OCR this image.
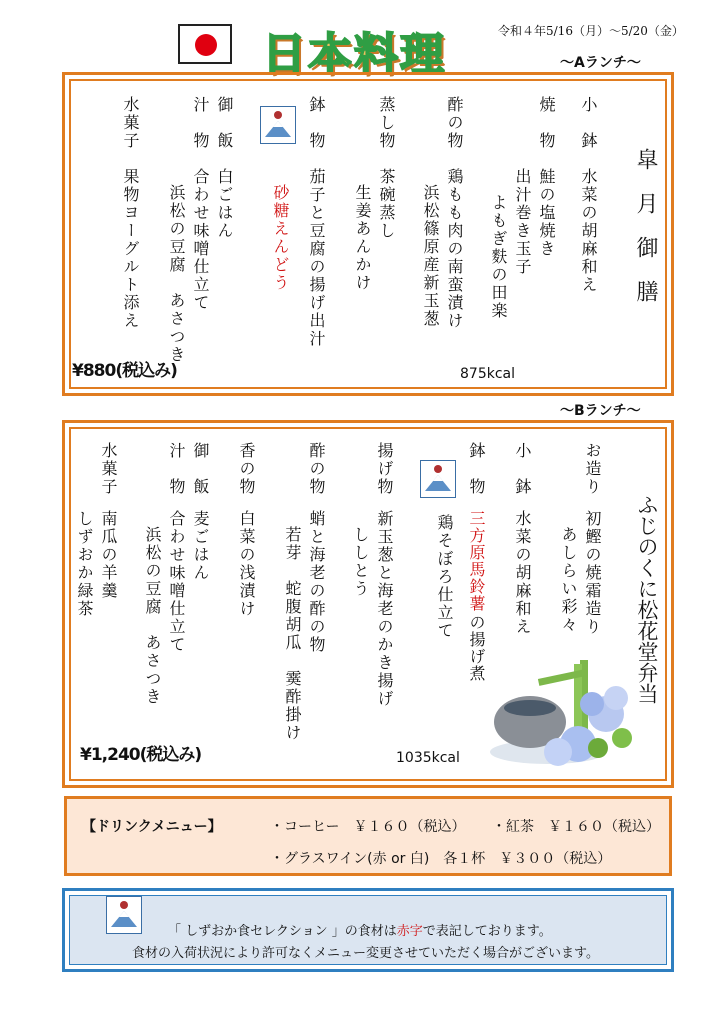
日本料理	令和４年5/16（月）～5/20（金）
～Aランチ～
皐　月　御　膳
小　鉢
水菜の胡麻和え
焼　物
鮭の塩焼き
出汁巻き玉子
よもぎ麩の田楽
酢の物
鶏もも肉の南蛮漬け
浜松篠原産新玉葱
蒸し物
茶碗蒸し
生姜あんかけ
鉢　物
茄子と豆腐の揚げ出汁
砂糖えんどう
御　飯
白ごはん
汁　物
合わせ味噌仕立て
浜松の豆腐　あさつき
水菓子
果物ヨーグルト添え
¥880(税込み)	875kcal
～Bランチ～
ふじのくに松花堂弁当
お造り
初鰹の焼霜造り
あしらい彩々
小　鉢
水菜の胡麻和え
鉢　物
三方原馬鈴薯
の揚げ煮
鶏そぼろ仕立て
揚げ物
新玉葱と海老のかき揚げ
ししとう
酢の物
蛸と海老の酢の物
若芽　蛇腹胡瓜　霙酢掛け
香の物
白菜の浅漬け
御　飯
麦ごはん
汁　物
合わせ味噌仕立て
浜松の豆腐　あさつき
水菓子
南瓜の羊羹
しずおか緑茶
¥1,240(税込み)	1035kcal
【ドリンクメニュー】	・コーヒー　￥１６０（税込） ・紅茶　￥１６０（税込）
・グラスワイン(赤 or 白)　各１杯　￥３００（税込）
「 しずおか食セレクション 」の食材は赤字で表記しております。
食材の入荷状況により許可なくメニュー変更させていただく場合がございます。
